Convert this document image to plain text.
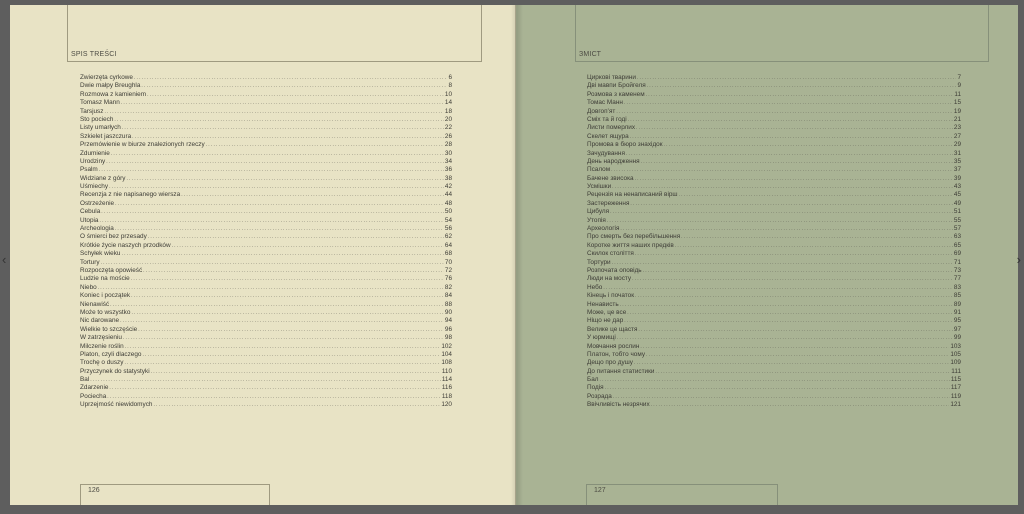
SPIS TREŚCI
Zwierzęta cyrkowe .....	6
Dwie małpy Breughla .....	8
Rozmowa z kamieniem .....	10
Tomasz Mann .....	14
Tarsjusz .....	18
Sto pociech .....	20
Listy umarłych .....	22
Szkielet jaszczura .....	26
Przemówienie w biurze znalezionych rzeczy .....	28
Zdumienie .....	30
Urodziny .....	34
Psalm .....	36
Widziane z góry .....	38
Uśmiechy .....	42
Recenzja z nie napisanego wiersza .....	44
Ostrzeżenie .....	48
Cebula .....	50
Utopia .....	54
Archeologia .....	56
O śmierci bez przesady .....	62
Krótkie życie naszych przodków .....	64
Schyłek wieku .....	68
Tortury .....	70
Rozpoczęta opowieść .....	72
Ludzie na moście .....	76
Niebo .....	82
Koniec i początek .....	84
Nienawiść .....	88
Może to wszystko .....	90
Nic darowane .....	94
Wielkie to szczęście .....	96
W zatrzęsieniu .....	98
Milczenie roślin .....	102
Platon, czyli dlaczego .....	104
Trochę o duszy .....	108
Przyczynek do statystyki .....	110
Bal .....	114
Zdarzenie .....	116
Pociecha .....	118
Uprzejmość niewidomych .....	120
126
ЗМІСТ
Циркові тварини .....	7
Дві мавпи Бройгеля .....	9
Розмова з каменем .....	11
Томас Манн .....	15
Довгоп’ят .....	19
Сміх та й годі .....	21
Листи померлих .....	23
Скелет ящура .....	27
Промова в бюро знахідок .....	29
Зачудування .....	31
День народження .....	35
Псалом .....	37
Бачене звисока .....	39
Усмішки .....	43
Рецензія на ненаписаний вірш .....	45
Застереження .....	49
Цибуля .....	51
Утопія .....	55
Археологія .....	57
Про смерть без перебільшення .....	63
Коротке життя наших предків .....	65
Скилок століття .....	69
Тортури .....	71
Розпочата оповідь .....	73
Люди на мосту .....	77
Небо .....	83
Кінець і початок .....	85
Ненависть .....	89
Може, це все .....	91
Ніщо не дар .....	95
Велике це щастя .....	97
У юрмищі .....	99
Мовчання рослин .....	103
Платон, тобто чому .....	105
Дещо про душу .....	109
До питання статистики .....	111
Бал .....	115
Подія .....	117
Розрада .....	119
Ввічливість незрячих .....	121
127
‹	›
